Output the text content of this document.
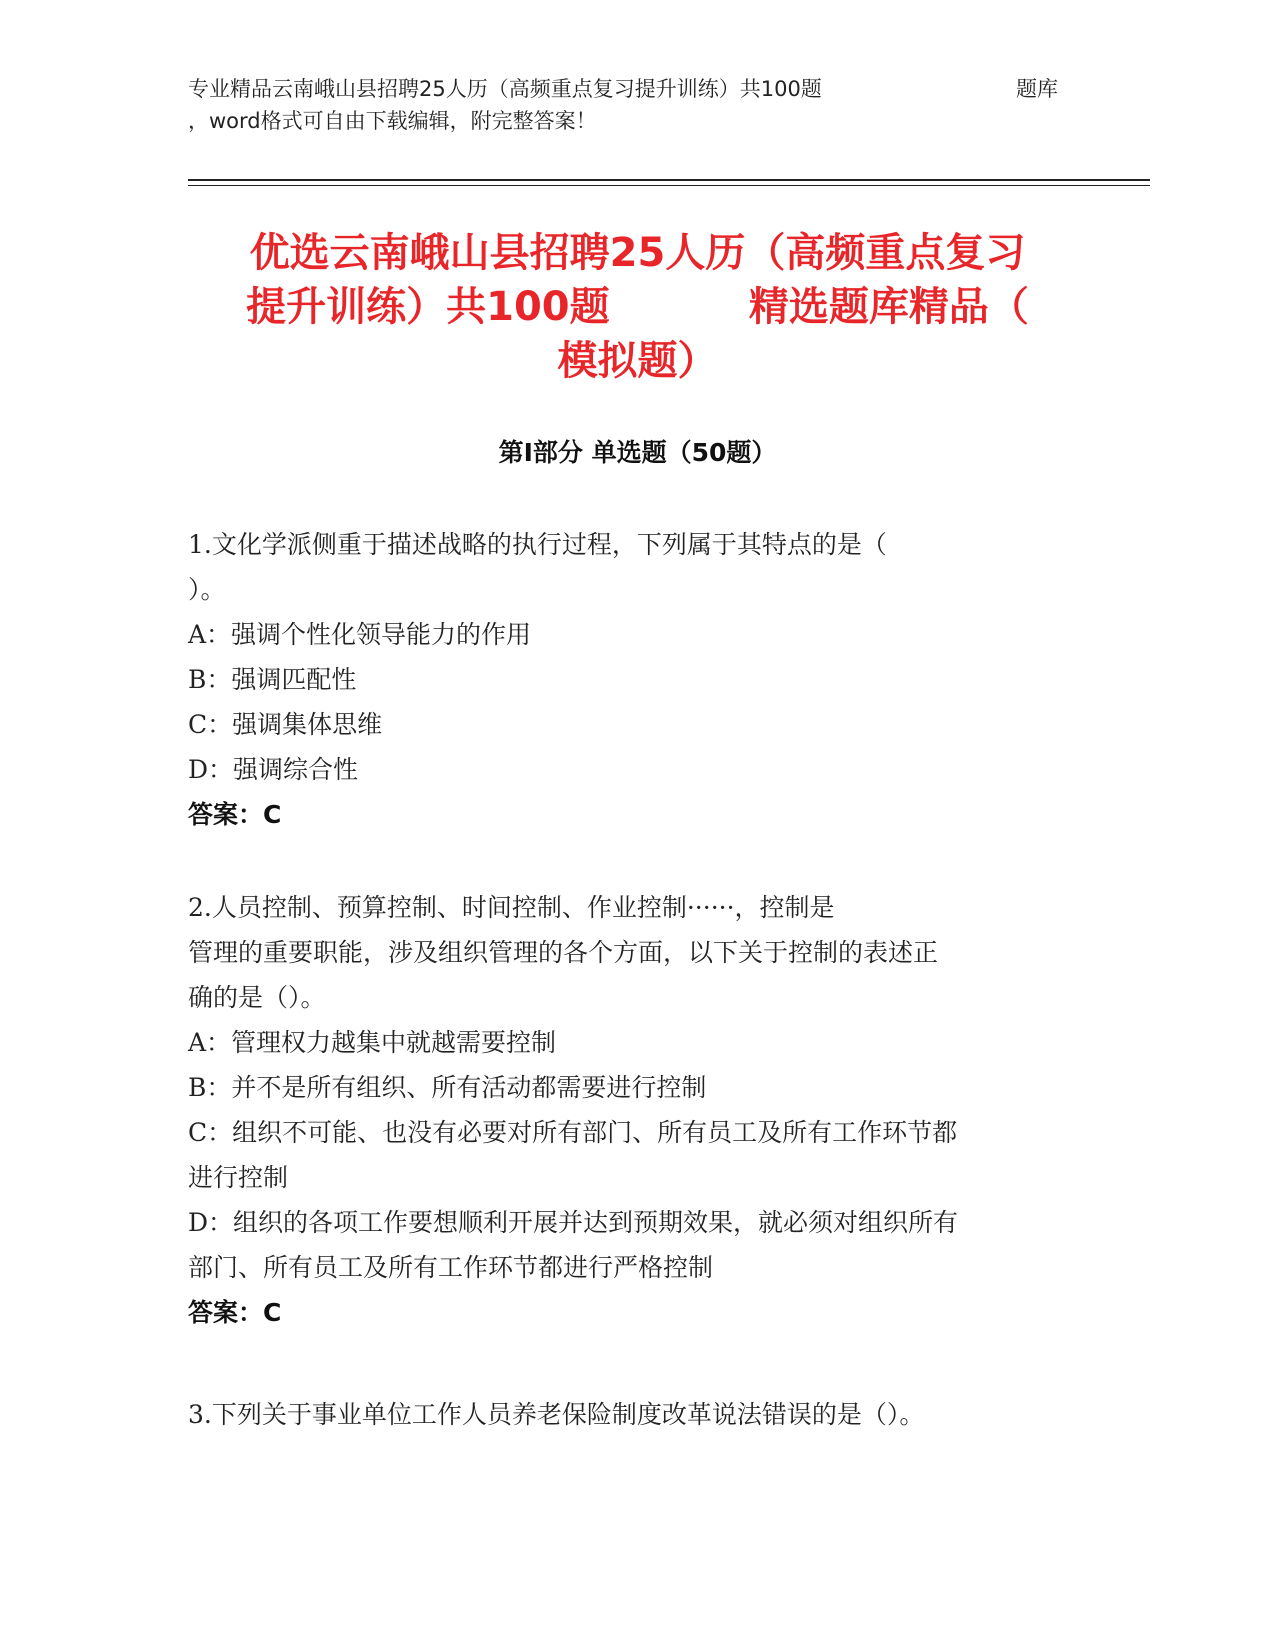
专业精品云南峨山县招聘25人历（高频重点复习提升训练）共100题	题库
，word格式可自由下载编辑，附完整答案！
优选云南峨山县招聘25人历（高频重点复习
提升训练）共100题          精选题库精品（
模拟题）
第Ⅰ部分 单选题（50题）

1.文化学派侧重于描述战略的执行过程，下列属于其特点的是（

）。

A：强调个性化领导能力的作用

B：强调匹配性

C：强调集体思维

D：强调综合性

答案：C

2.人员控制、预算控制、时间控制、作业控制······，控制是

管理的重要职能，涉及组织管理的各个方面，以下关于控制的表述正

确的是（）。

A：管理权力越集中就越需要控制

B：并不是所有组织、所有活动都需要进行控制

C：组织不可能、也没有必要对所有部门、所有员工及所有工作环节都

进行控制

D：组织的各项工作要想顺利开展并达到预期效果，就必须对组织所有

部门、所有员工及所有工作环节都进行严格控制

答案：C

3.下列关于事业单位工作人员养老保险制度改革说法错误的是（）。
